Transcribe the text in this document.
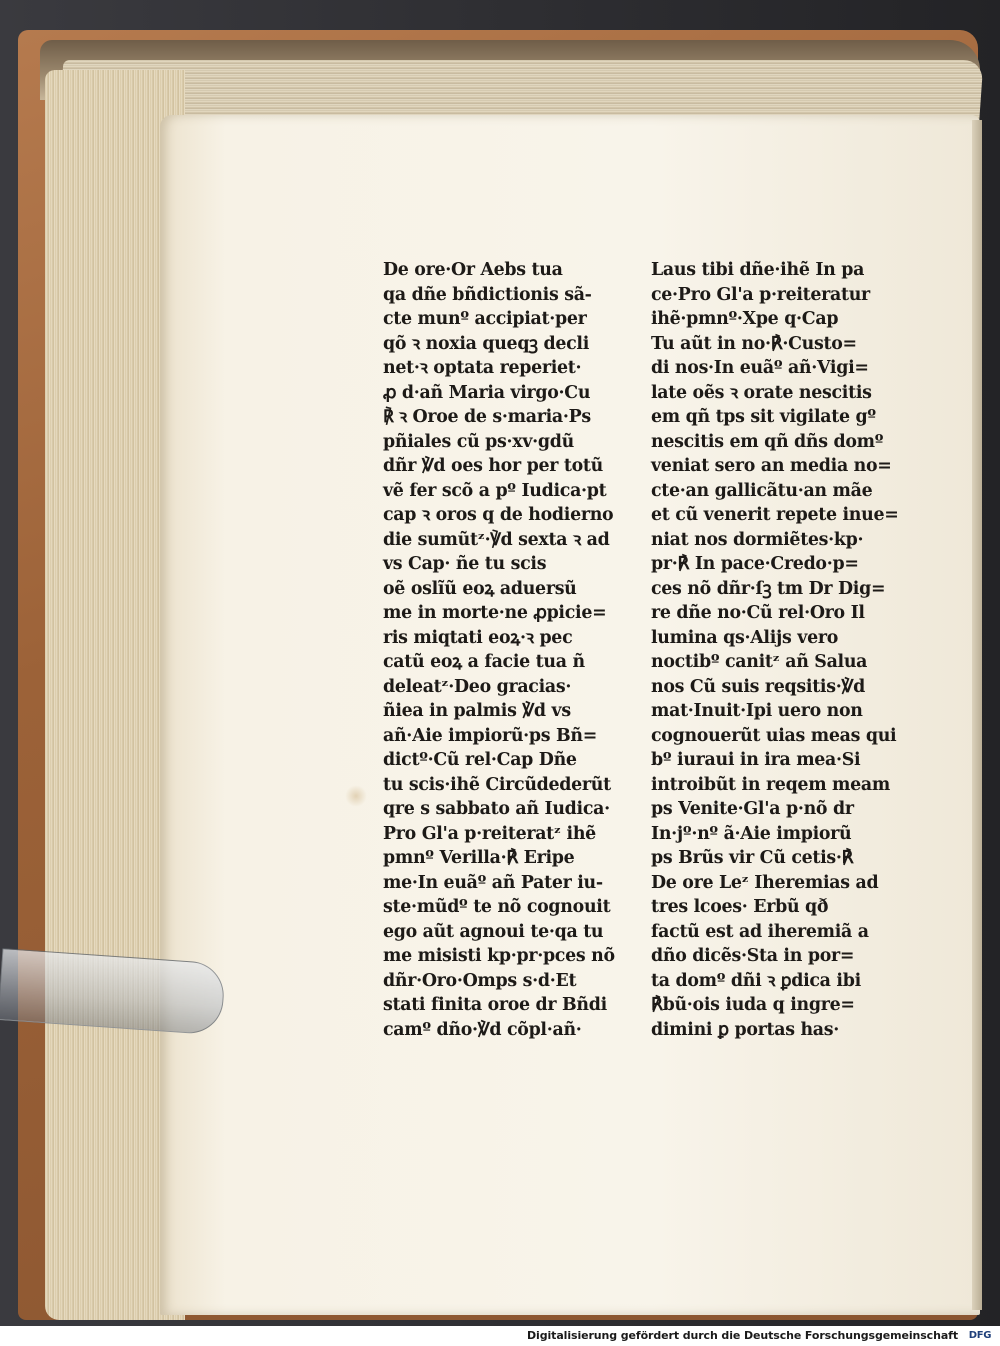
De ore·Or Aebs tua
qa dñe bñdictionis sã-
cte munº accipiat·per
qõ ꝛ noxia queqꝫ decli
net·ꝛ optata reperiet·
ꝓ d·añ Maria virgo·Cu
℟ ꝛ Oroe de s·maria·Ps
pñiales cũ ps·xv·gdũ
dñr ℣d oes hor per totũ
vẽ fer scõ a pº Iudica·pt
cap ꝛ oros q de hodierno
die sumũtᶻ·℣d sexta ꝛ ad
vs Cap· ñe tu scis
oẽ oslĩũ eoꝝ aduersũ
me in morte·ne ꝓpicie=
ris miqtati eoꝝ·ꝛ pec
catũ eoꝝ a facie tua ñ
deleatᶻ·Deo gracias·
ñiea in palmis ℣d vs
añ·Aie impiorũ·ps Bñ=
dictº·Cũ rel·Cap Dñe
tu scis·ihẽ Circũdederũt
qre s sabbato añ Iudica·
Pro Gl'a p·reiteratᶻ ihẽ
pmnº Verilla·℟ Eripe
me·In euãº añ Pater iu-
ste·mũdº te nõ cognouit
ego aũt agnoui te·qa tu
me misisti kp·pr·pces nõ
dñr·Oro·Omps s·d·Et
stati finita oroe dr Bñdi
camº dño·℣d cõpl·añ·
Laus tibi dñe·ihẽ In pa
ce·Pro Gl'a p·reiteratur
ihẽ·pmnº·Xpe q·Cap
Tu aũt in no·℟·Custo=
di nos·In euãº añ·Vigi=
late oẽs ꝛ orate nescitis
em qñ tps sit vigilate gº
nescitis em qñ dñs domº
veniat sero an media no=
cte·an gallicãtu·an mãe
et cũ venerit repete inue=
niat nos dormiẽtes·kp·
pr·℟ In pace·Credo·p=
ces nõ dñr·ſꝫ tm Dr Dig=
re dñe no·Cũ rel·Oro Il
lumina qs·Alijs vero
noctibº canitᶻ añ Salua
nos Cũ suis reqsitis·℣d
mat·Inuit·Ipi uero non
cognouerũt uias meas qui
bº iuraui in ira mea·Si
introibũt in reqem meam
ps Venite·Gl'a p·nõ dr
In·jº·nº ã·Aie impiorũ
ps Brũs vir Cũ cetis·℟
De ore Leᶻ Iheremias ad
tres lcoes· Erbũ qð
factũ est ad iheremiã a
dño dicẽs·Sta in por=
ta domº dñi ꝛ ꝑdica ibi
℟bũ·ois iuda q ingre=
dimini ꝑ portas has·
Digitalisierung gefördert durch die Deutsche Forschungsgemeinschaft	DFG
